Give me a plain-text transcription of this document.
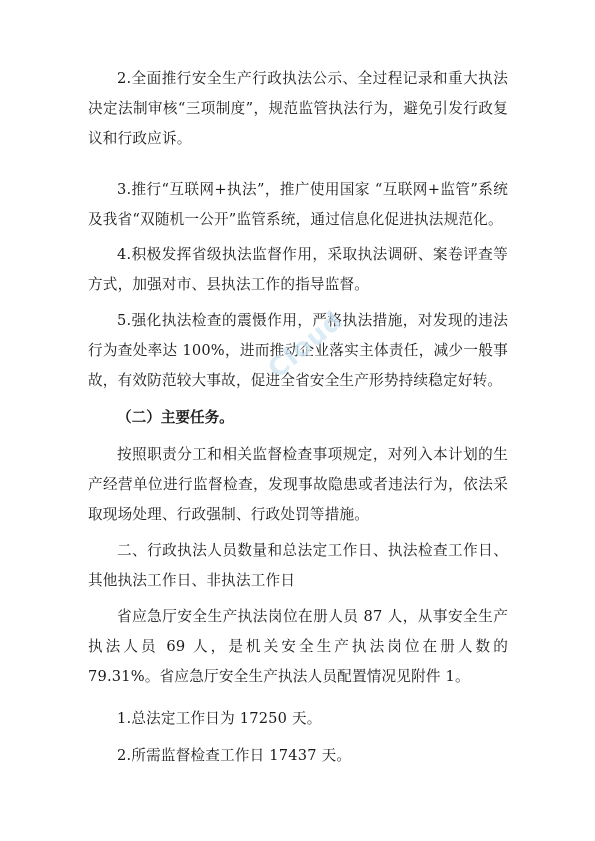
2.全面推行安全生产行政执法公示、全过程记录和重大执法决定法制审核“三项制度”，规范监管执法行为，避免引发行政复议和行政应诉。

3.推行“互联网+执法”，推广使用国家 “互联网+监管”系统及我省“双随机一公开”监管系统，通过信息化促进执法规范化。

4.积极发挥省级执法监督作用，采取执法调研、案卷评查等方式，加强对市、县执法工作的指导监督。

5.强化执法检查的震慑作用，严格执法措施，对发现的违法行为查处率达 100%，进而推动企业落实主体责任，减少一般事故，有效防范较大事故，促进全省安全生产形势持续稳定好转。

（二）主要任务。

按照职责分工和相关监督检查事项规定，对列入本计划的生产经营单位进行监督检查，发现事故隐患或者违法行为，依法采取现场处理、行政强制、行政处罚等措施。

二、行政执法人员数量和总法定工作日、执法检查工作日、其他执法工作日、非执法工作日

省应急厅安全生产执法岗位在册人员 87 人，从事安全生产执法人员 69 人，是机关安全生产执法岗位在册人数的 79.31%。省应急厅安全生产执法人员配置情况见附件 1。

1.总法定工作日为 17250 天。

2.所需监督检查工作日 17437 天。

Cloud
